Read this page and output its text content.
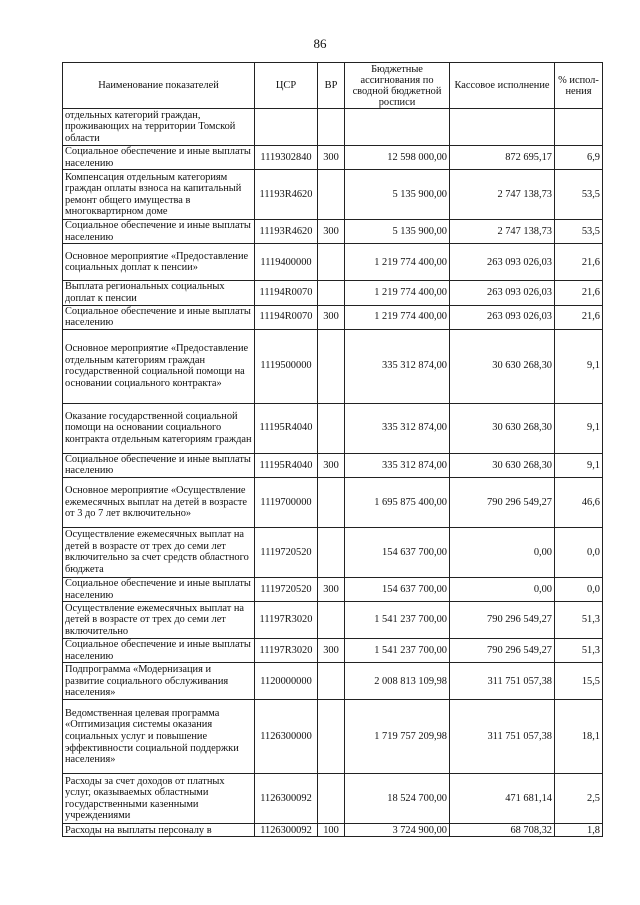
86
Наименование показателей	ЦСР	ВР	Бюджетные ассигнования по сводной бюджетной росписи	Кассовое исполнение	% испол-нения
отдельных категорий граждан, проживающих на территории Томской области					
Социальное обеспечение и иные выплаты населению	1119302840	300	12 598 000,00	872 695,17	6,9
Компенсация отдельным категориям граждан оплаты взноса на капитальный ремонт общего имущества в многоквартирном доме	11193R4620		5 135 900,00	2 747 138,73	53,5
Социальное обеспечение и иные выплаты населению	11193R4620	300	5 135 900,00	2 747 138,73	53,5
Основное мероприятие «Предоставление социальных доплат к пенсии»	1119400000		1 219 774 400,00	263 093 026,03	21,6
Выплата региональных социальных доплат к пенсии	11194R0070		1 219 774 400,00	263 093 026,03	21,6
Социальное обеспечение и иные выплаты населению	11194R0070	300	1 219 774 400,00	263 093 026,03	21,6
Основное мероприятие «Предоставление отдельным категориям граждан государственной социальной помощи на основании социального контракта»	1119500000		335 312 874,00	30 630 268,30	9,1
Оказание государственной социальной помощи на основании социального контракта отдельным категориям граждан	11195R4040		335 312 874,00	30 630 268,30	9,1
Социальное обеспечение и иные выплаты населению	11195R4040	300	335 312 874,00	30 630 268,30	9,1
Основное мероприятие «Осуществление ежемесячных выплат на детей в возрасте от 3 до 7 лет включительно»	1119700000		1 695 875 400,00	790 296 549,27	46,6
Осуществление ежемесячных выплат на детей в возрасте от трех до семи лет включительно за счет средств областного бюджета	1119720520		154 637 700,00	0,00	0,0
Социальное обеспечение и иные выплаты населению	1119720520	300	154 637 700,00	0,00	0,0
Осуществление ежемесячных выплат на детей в возрасте от трех до семи лет включительно	11197R3020		1 541 237 700,00	790 296 549,27	51,3
Социальное обеспечение и иные выплаты населению	11197R3020	300	1 541 237 700,00	790 296 549,27	51,3
Подпрограмма «Модернизация и развитие социального обслуживания населения»	1120000000		2 008 813 109,98	311 751 057,38	15,5
Ведомственная целевая программа «Оптимизация системы оказания социальных услуг и повышение эффективности социальной поддержки населения»	1126300000		1 719 757 209,98	311 751 057,38	18,1
Расходы за счет доходов от платных услуг, оказываемых областными государственными казенными учреждениями	1126300092		18 524 700,00	471 681,14	2,5
Расходы на выплаты персоналу в	1126300092	100	3 724 900,00	68 708,32	1,8
